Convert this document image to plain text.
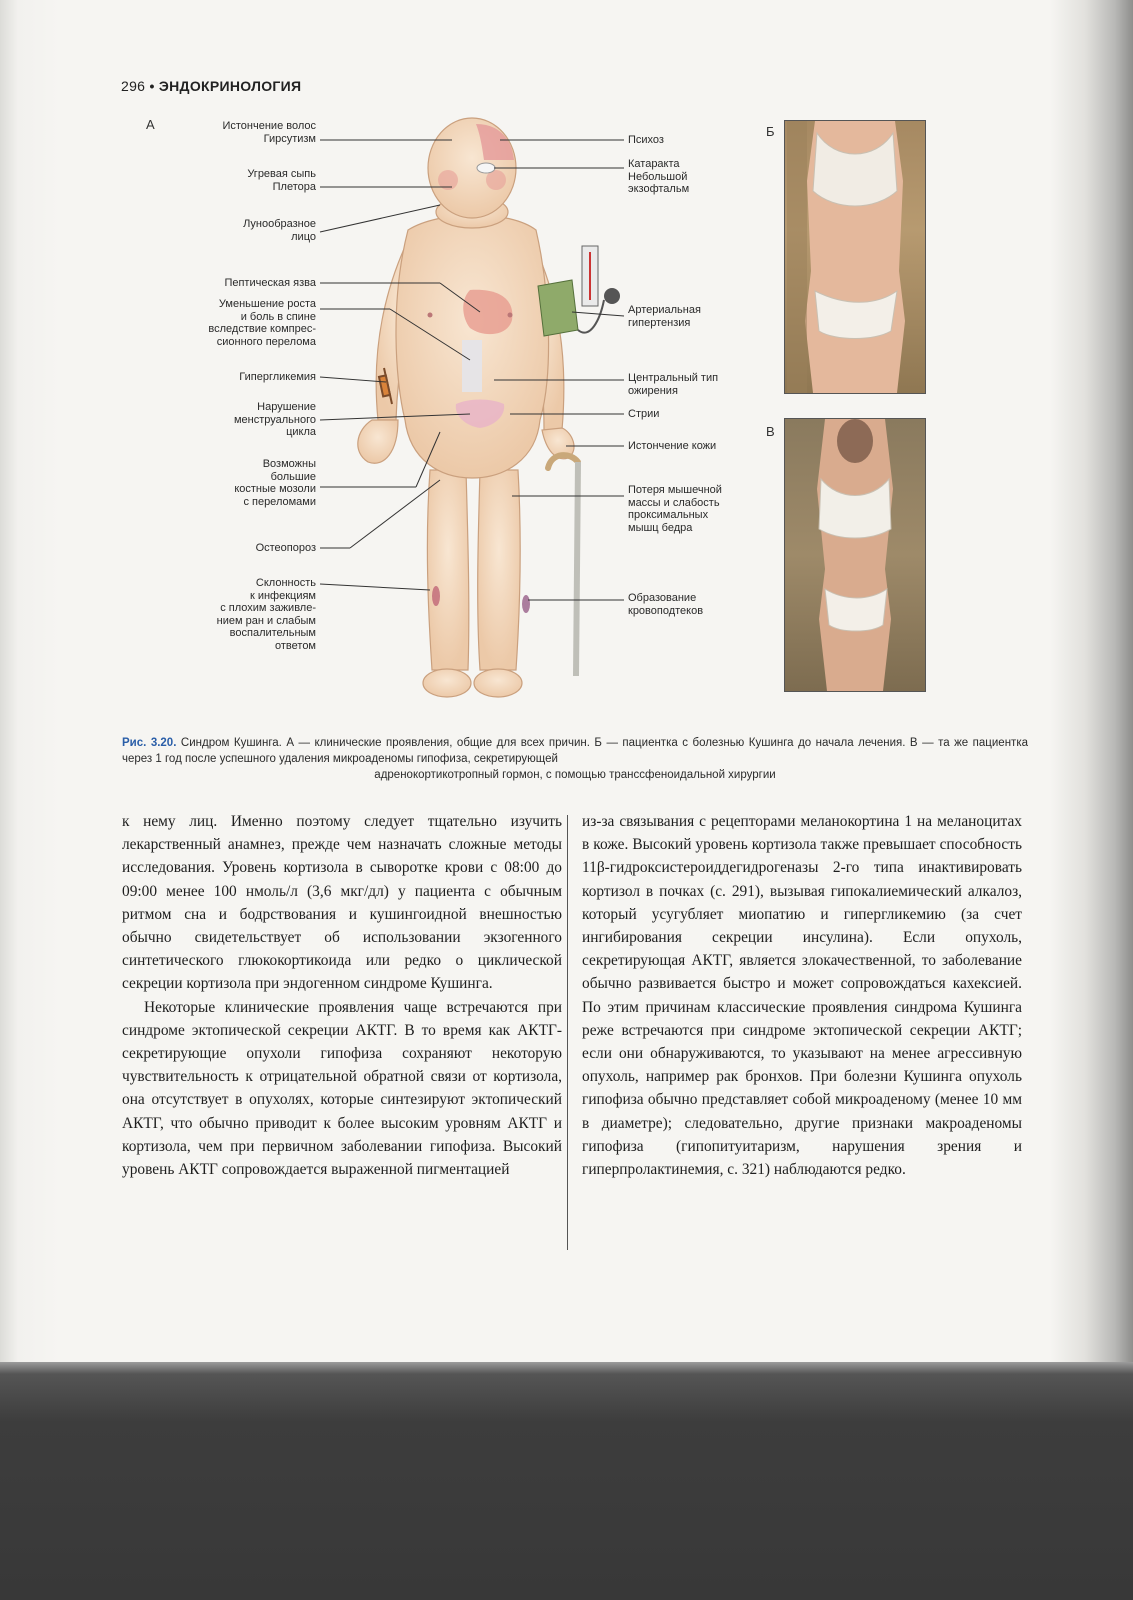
296 • ЭНДОКРИНОЛОГИЯ
А	Б
В
Истончение волос
Гирсутизм
Угревая сыпь
Плетора
Лунообразное
лицо
Пептическая язва
Уменьшение роста
и боль в спине
вследствие компрес-
сионного перелома
Гипергликемия
Нарушение
менструального
цикла
Возможны
большие
костные мозоли
с переломами
Остеопороз
Склонность
к инфекциям
с плохим заживле-
нием ран и слабым
воспалительным
ответом
Психоз
Катаракта
Небольшой
экзофтальм
Артериальная
гипертензия
Центральный тип
ожирения
Стрии
Истончение кожи
Потеря мышечной
массы и слабость
проксимальных
мышц бедра
Образование
кровоподтеков
Рис. 3.20. Синдром Кушинга. А — клинические проявления, общие для всех причин. Б — пациентка с болезнью Кушинга до начала лечения. В — та же пациентка через 1 год после успешного удаления микроаденомы гипофиза, секретирующей
адренокортикотропный гормон, с помощью транссфеноидальной хирургии

к нему лиц. Именно поэтому следует тщательно изучить лекарственный анамнез, прежде чем назначать сложные методы исследования. Уровень кортизола в сыворотке крови с 08:00 до 09:00 менее 100 нмоль/л (3,6 мкг/дл) у пациента с обычным ритмом сна и бодрствования и кушингоидной внешностью обычно свидетельствует об использовании экзогенного синтетического глюкокортикоида или редко о циклической секреции кортизола при эндогенном синдроме Кушинга.

Некоторые клинические проявления чаще встречаются при синдроме эктопической секреции АКТГ. В то время как АКТГ-секретирующие опухоли гипофиза сохраняют некоторую чувствительность к отрицательной обратной связи от кортизола, она отсутствует в опухолях, которые синтезируют эктопический АКТГ, что обычно приводит к более высоким уровням АКТГ и кортизола, чем при первичном заболевании гипофиза. Высокий уровень АКТГ сопровождается выраженной пигментацией

из-за связывания с рецепторами меланокортина 1 на меланоцитах в коже. Высокий уровень кортизола также превышает способность 11β-гидроксистероиддегидрогеназы 2-го типа инактивировать кортизол в почках (с. 291), вызывая гипокалиемический алкалоз, который усугубляет миопатию и гипергликемию (за счет ингибирования секреции инсулина). Если опухоль, секретирующая АКТГ, является злокачественной, то заболевание обычно развивается быстро и может сопровождаться кахексией. По этим причинам классические проявления синдрома Кушинга реже встречаются при синдроме эктопической секреции АКТГ; если они обнаруживаются, то указывают на менее агрессивную опухоль, например рак бронхов. При болезни Кушинга опухоль гипофиза обычно представляет собой микроаденому (менее 10 мм в диаметре); следовательно, другие признаки макроаденомы гипофиза (гипопитуитаризм, нарушения зрения и гиперпролактинемия, с. 321) наблюдаются редко.
